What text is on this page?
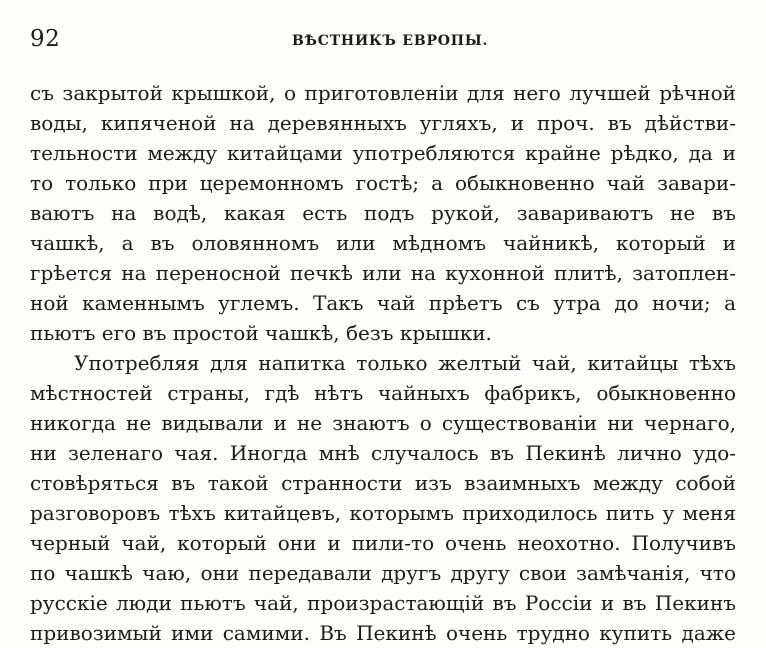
92	ВѢСТНИКЪ ЕВРОПЫ.
съ закрытой крышкой, о приготовленіи для него лучшей рѣчной
воды, кипяченой на деревянныхъ угляхъ, и проч. въ дѣйстви-
тельности между китайцами употребляются крайне рѣдко, да и
то только при церемонномъ гостѣ; а обыкновенно чай завари-
ваютъ на водѣ, какая есть подъ рукой, завариваютъ не въ
чашкѣ, а въ оловянномъ или мѣдномъ чайникѣ, который и
грѣется на переносной печкѣ или на кухонной плитѣ, затоплен-
ной каменнымъ углемъ. Такъ чай прѣетъ съ утра до ночи; а
пьютъ его въ простой чашкѣ, безъ крышки.
Употребляя для напитка только желтый чай, китайцы тѣхъ
мѣстностей страны, гдѣ нѣтъ чайныхъ фабрикъ, обыкновенно
никогда не видывали и не знаютъ о существованіи ни чернаго,
ни зеленаго чая. Иногда мнѣ случалось въ Пекинѣ лично удо-
стовѣряться въ такой странности изъ взаимныхъ между собой
разговоровъ тѣхъ китайцевъ, которымъ приходилось пить у меня
черный чай, который они и пили-то очень неохотно. Получивъ
по чашкѣ чаю, они передавали другъ другу свои замѣчанія, что
русскіе люди пьютъ чай, произрастающій въ Россіи и въ Пекинъ
привозимый ими самими. Въ Пекинѣ очень трудно купить даже
